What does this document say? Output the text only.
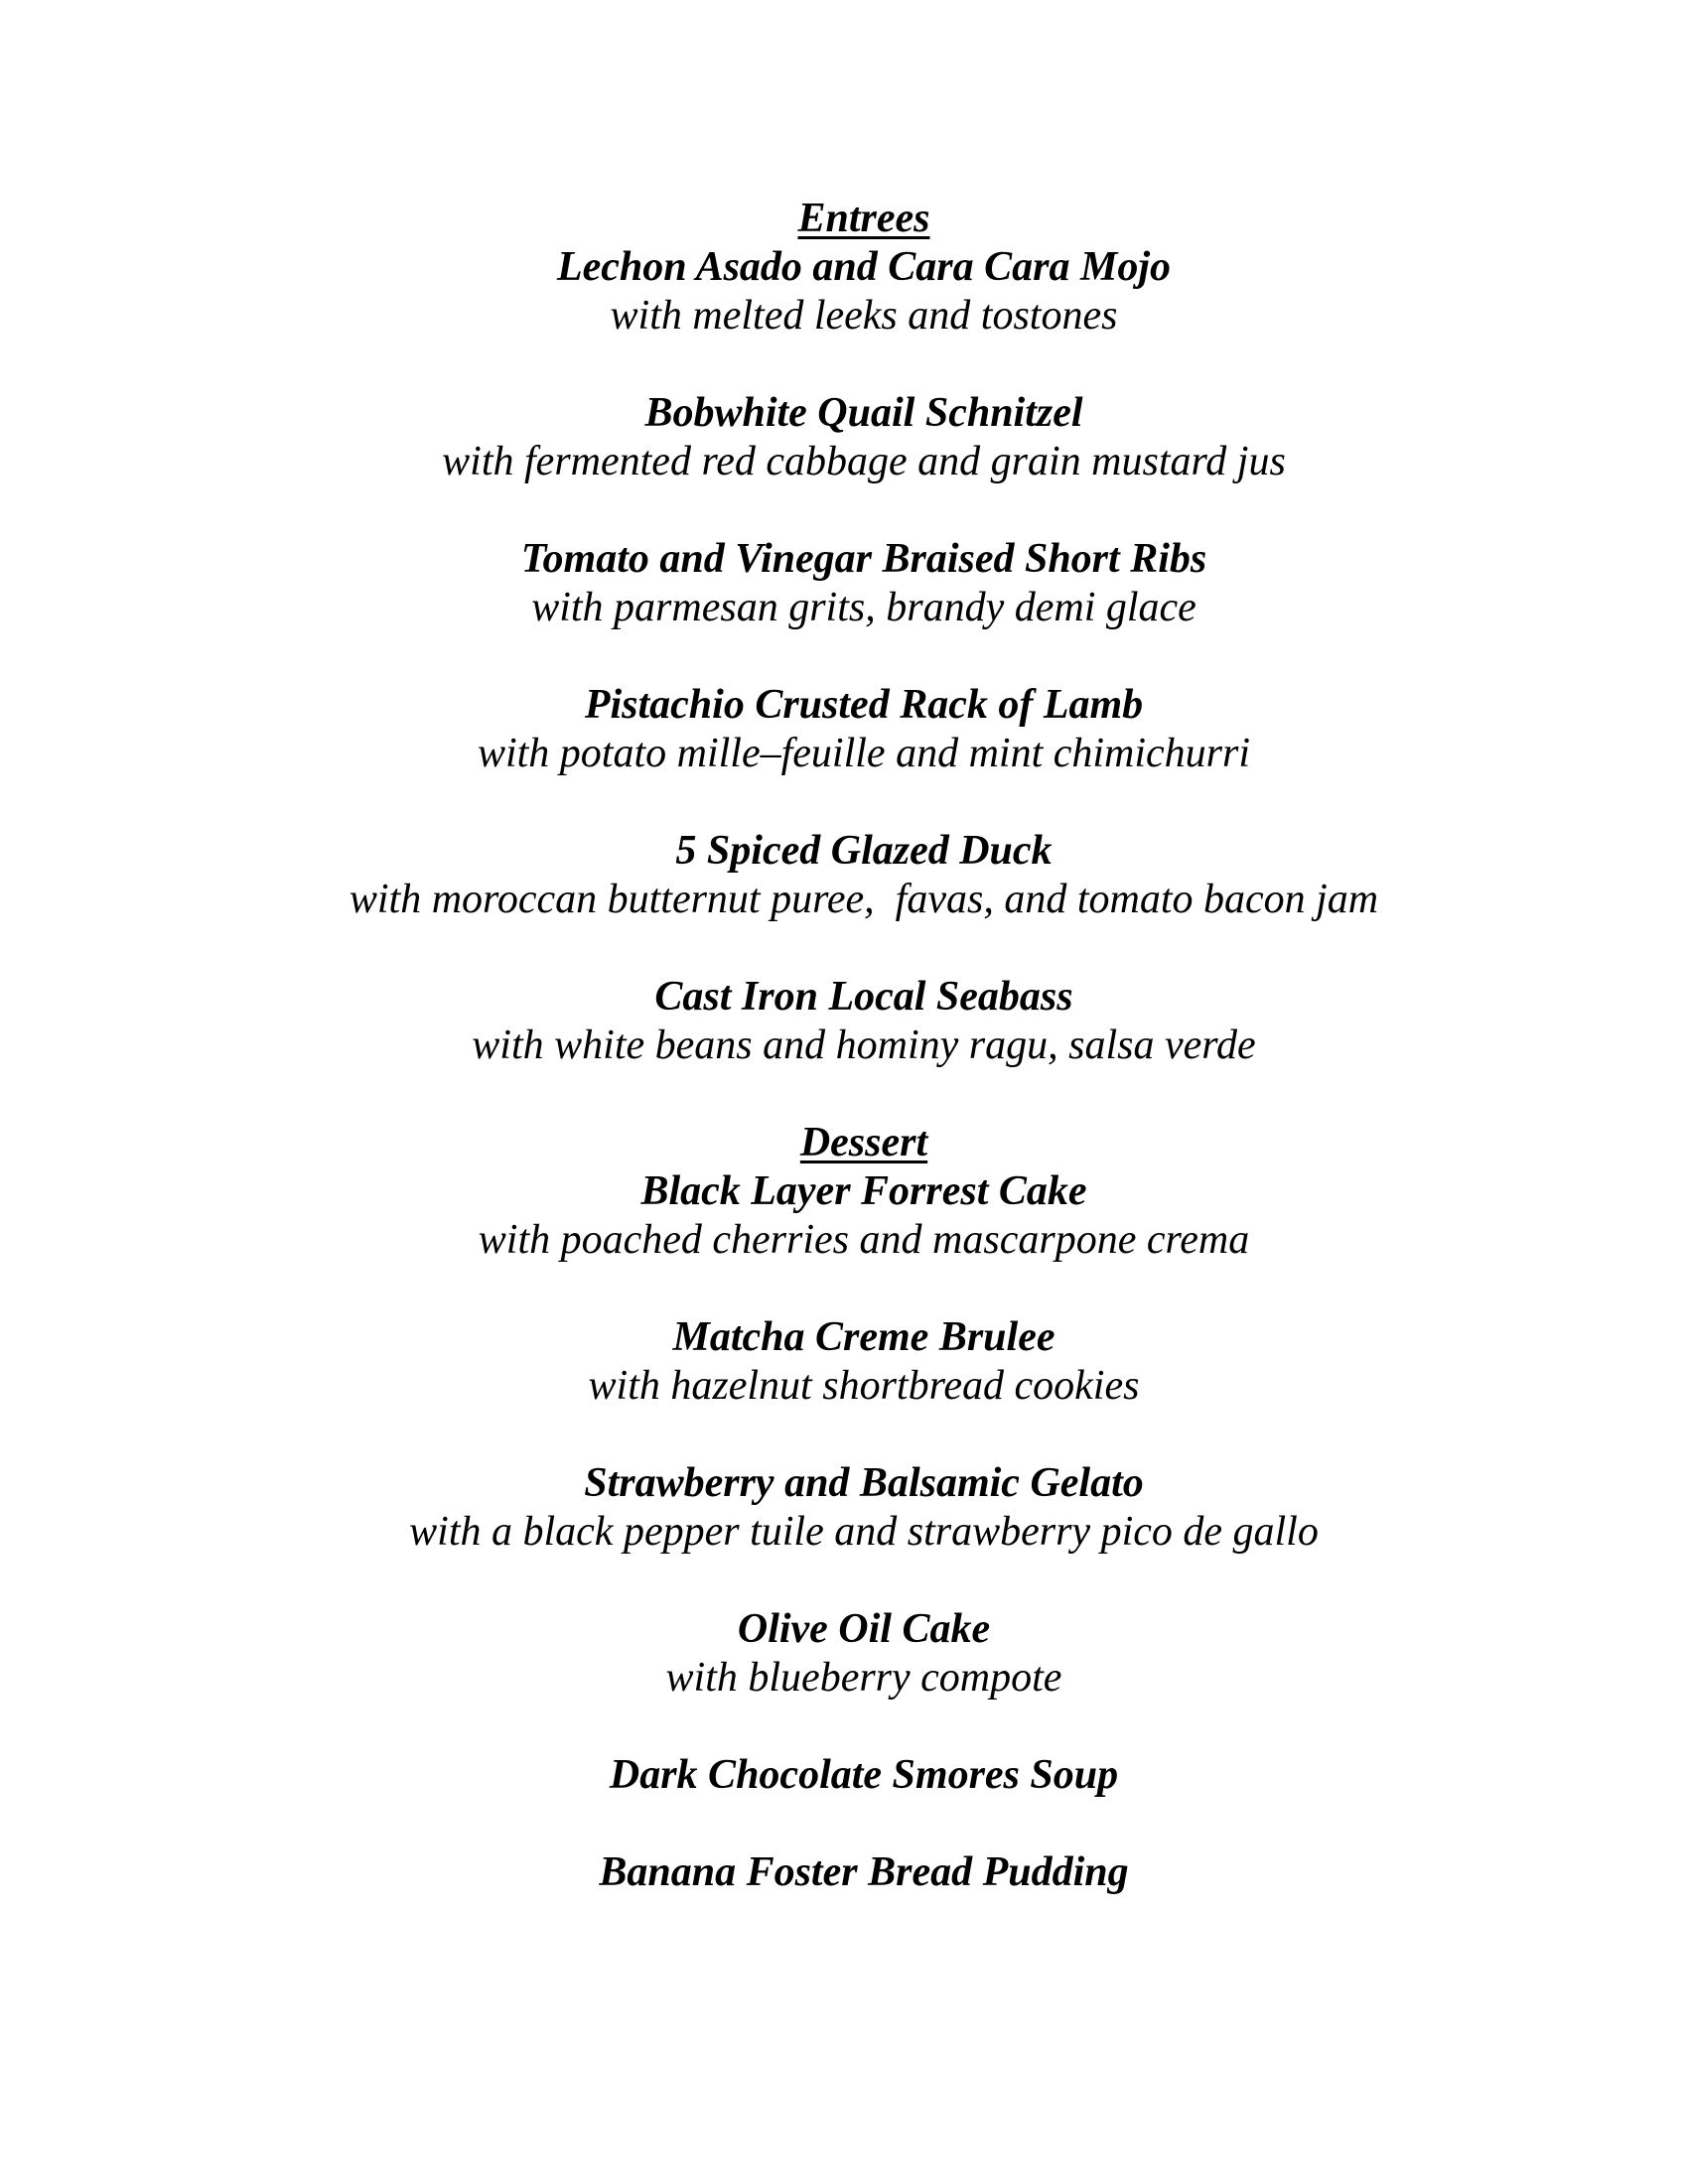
Entrees
Lechon Asado and Cara Cara Mojo
with melted leeks and tostones
Bobwhite Quail Schnitzel
with fermented red cabbage and grain mustard jus
Tomato and Vinegar Braised Short Ribs
with parmesan grits, brandy demi glace
Pistachio Crusted Rack of Lamb
with potato mille–feuille and mint chimichurri
5 Spiced Glazed Duck
with moroccan butternut puree,  favas, and tomato bacon jam
Cast Iron Local Seabass
with white beans and hominy ragu, salsa verde
Dessert
Black Layer Forrest Cake
with poached cherries and mascarpone crema
Matcha Creme Brulee
with hazelnut shortbread cookies
Strawberry and Balsamic Gelato
with a black pepper tuile and strawberry pico de gallo
Olive Oil Cake
with blueberry compote
Dark Chocolate Smores Soup
Banana Foster Bread Pudding
